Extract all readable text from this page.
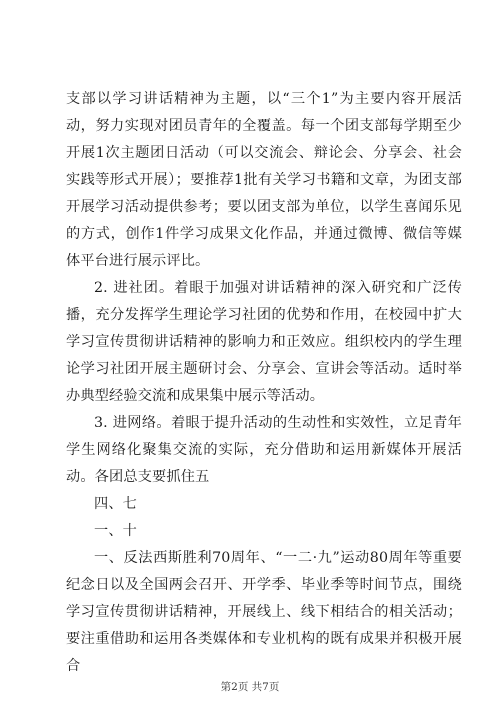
支部以学习讲话精神为主题，以“三个1”为主要内容开展活动，努力实现对团员青年的全覆盖。每一个团支部每学期至少开展1次主题团日活动（可以交流会、辩论会、分享会、社会实践等形式开展）；要推荐1批有关学习书籍和文章，为团支部开展学习活动提供参考；要以团支部为单位，以学生喜闻乐见的方式，创作1件学习成果文化作品，并通过微博、微信等媒体平台进行展示评比。

2. 进社团。着眼于加强对讲话精神的深入研究和广泛传播，充分发挥学生理论学习社团的优势和作用，在校园中扩大学习宣传贯彻讲话精神的影响力和正效应。组织校内的学生理论学习社团开展主题研讨会、分享会、宣讲会等活动。适时举办典型经验交流和成果集中展示等活动。

3. 进网络。着眼于提升活动的生动性和实效性，立足青年学生网络化聚集交流的实际，充分借助和运用新媒体开展活动。各团总支要抓住五

四、七

一、十

一、反法西斯胜利70周年、“一二·九”运动80周年等重要纪念日以及全国两会召开、开学季、毕业季等时间节点，围绕学习宣传贯彻讲话精神，开展线上、线下相结合的相关活动；要注重借助和运用各类媒体和专业机构的既有成果并积极开展合

第2页 共7页
